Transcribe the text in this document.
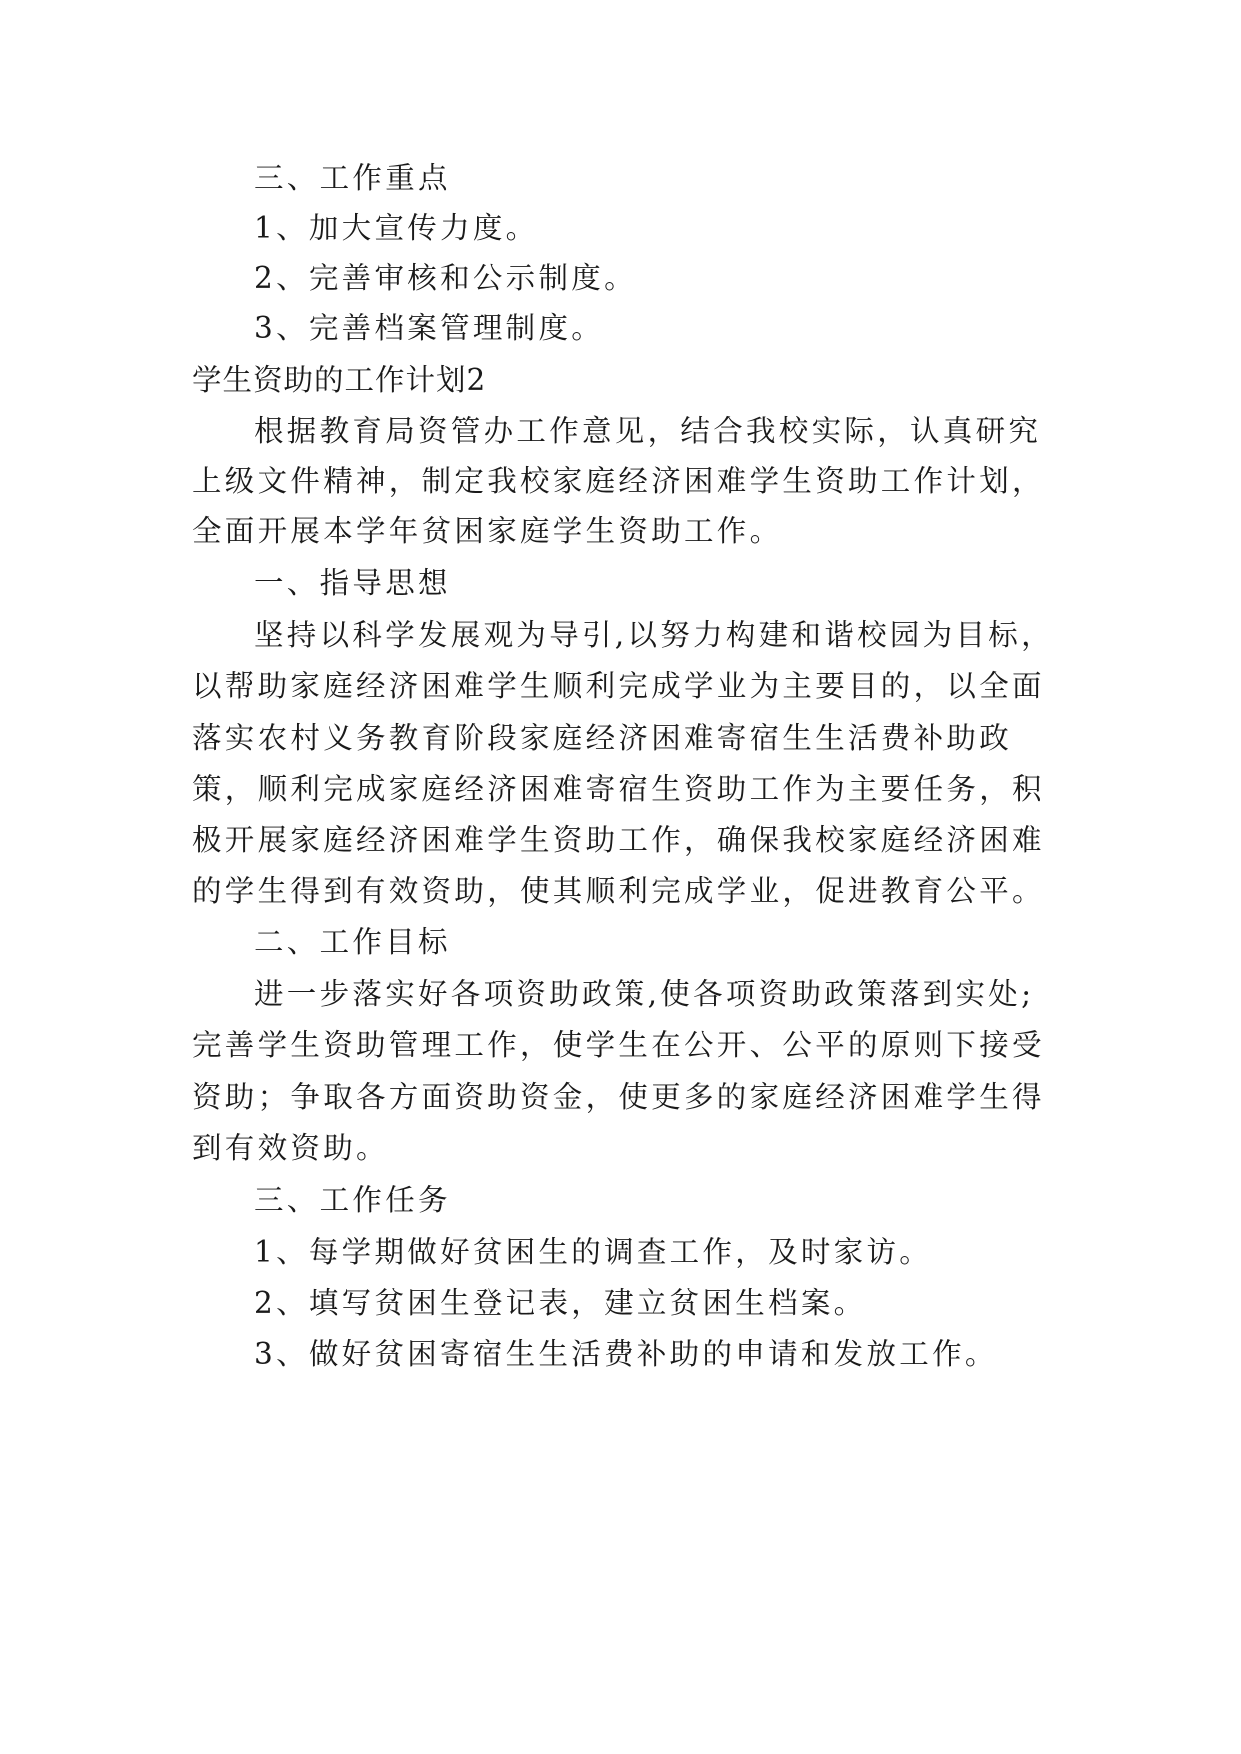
三、工作重点
1、加大宣传力度。
2、完善审核和公示制度。
3、完善档案管理制度。
学生资助的工作计划2
根据教育局资管办工作意见，结合我校实际，认真研究
上级文件精神，制定我校家庭经济困难学生资助工作计划，
全面开展本学年贫困家庭学生资助工作。
一、指导思想
坚持以科学发展观为导引,以努力构建和谐校园为目标，
以帮助家庭经济困难学生顺利完成学业为主要目的，以全面
落实农村义务教育阶段家庭经济困难寄宿生生活费补助政
策，顺利完成家庭经济困难寄宿生资助工作为主要任务，积
极开展家庭经济困难学生资助工作，确保我校家庭经济困难
的学生得到有效资助，使其顺利完成学业，促进教育公平。
二、工作目标
进一步落实好各项资助政策,使各项资助政策落到实处;
完善学生资助管理工作，使学生在公开、公平的原则下接受
资助；争取各方面资助资金，使更多的家庭经济困难学生得
到有效资助。
三、工作任务
1、每学期做好贫困生的调查工作，及时家访。
2、填写贫困生登记表，建立贫困生档案。
3、做好贫困寄宿生生活费补助的申请和发放工作。
